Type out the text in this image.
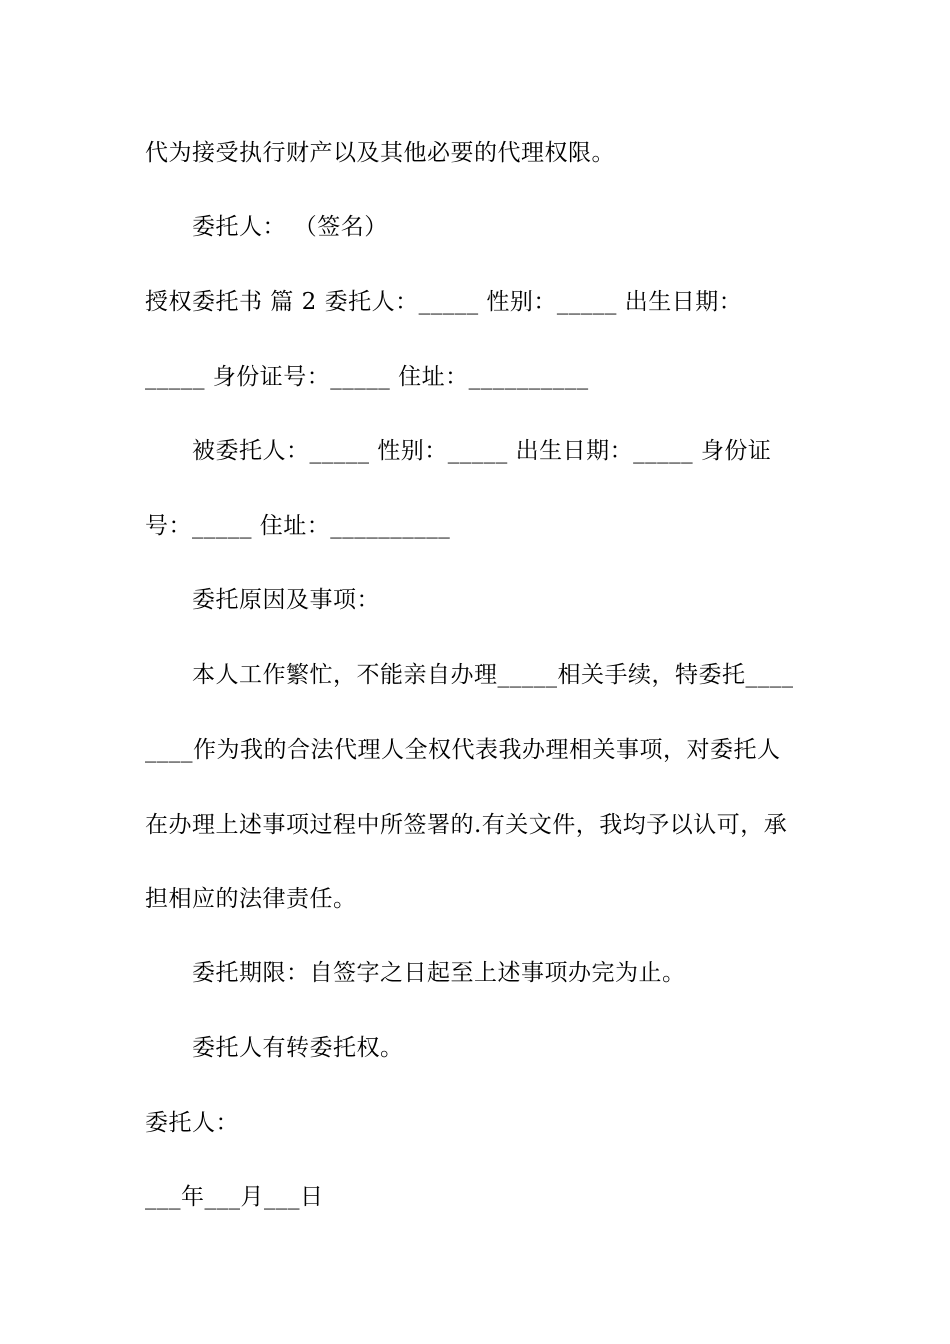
代为接受执行财产以及其他必要的代理权限。
委托人： （签名）
授权委托书 篇 2 委托人：_____ 性别：_____ 出生日期：
_____ 身份证号：_____ 住址：__________
被委托人：_____ 性别：_____ 出生日期：_____ 身份证
号：_____ 住址：__________
委托原因及事项：
本人工作繁忙，不能亲自办理_____相关手续，特委托____
____作为我的合法代理人全权代表我办理相关事项，对委托人
在办理上述事项过程中所签署的.有关文件，我均予以认可，承
担相应的法律责任。
委托期限：自签字之日起至上述事项办完为止。
委托人有转委托权。
委托人：
___年___月___日
